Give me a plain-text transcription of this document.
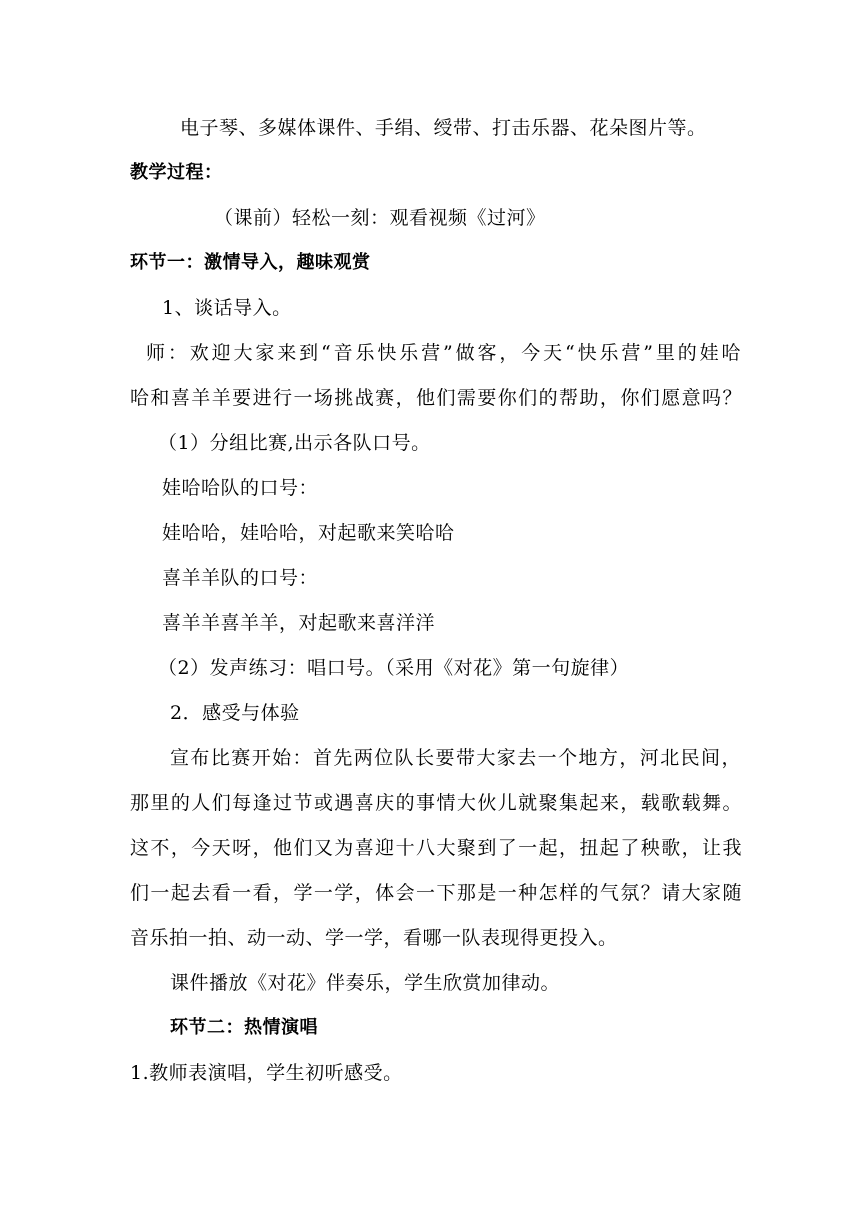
电子琴、多媒体课件、手绢、绶带、打击乐器、花朵图片等。
教学过程：
（课前）轻松一刻：观看视频《过河》
环节一：激情导入，趣味观赏
1、谈话导入。
师：欢迎大家来到“音乐快乐营”做客，今天“快乐营”里的娃哈
哈和喜羊羊要进行一场挑战赛，他们需要你们的帮助，你们愿意吗？
（1）分组比赛,出示各队口号。
娃哈哈队的口号：
娃哈哈，娃哈哈，对起歌来笑哈哈
喜羊羊队的口号：
喜羊羊喜羊羊，对起歌来喜洋洋
（2）发声练习：唱口号。（采用《对花》第一句旋律）
2．感受与体验
宣布比赛开始：首先两位队长要带大家去一个地方，河北民间，
那里的人们每逢过节或遇喜庆的事情大伙儿就聚集起来，载歌载舞。
这不，今天呀，他们又为喜迎十八大聚到了一起，扭起了秧歌，让我
们一起去看一看，学一学，体会一下那是一种怎样的气氛？请大家随
音乐拍一拍、动一动、学一学，看哪一队表现得更投入。
课件播放《对花》伴奏乐，学生欣赏加律动。
环节二：热情演唱
1.教师表演唱，学生初听感受。
